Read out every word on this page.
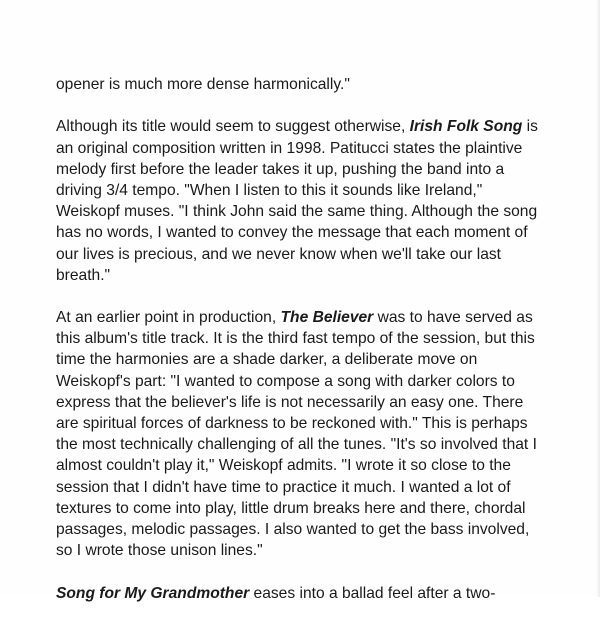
opener is much more dense harmonically."

Although its title would seem to suggest otherwise, Irish Folk Song is
an original composition written in 1998. Patitucci states the plaintive
melody first before the leader takes it up, pushing the band into a
driving 3/4 tempo. "When I listen to this it sounds like Ireland,"
Weiskopf muses. "I think John said the same thing. Although the song
has no words, I wanted to convey the message that each moment of
our lives is precious, and we never know when we'll take our last
breath."

At an earlier point in production, The Believer was to have served as
this album's title track. It is the third fast tempo of the session, but this
time the harmonies are a shade darker, a deliberate move on
Weiskopf's part: "I wanted to compose a song with darker colors to
express that the believer's life is not necessarily an easy one. There
are spiritual forces of darkness to be reckoned with." This is perhaps
the most technically challenging of all the tunes. "It's so involved that I
almost couldn't play it," Weiskopf admits. "I wrote it so close to the
session that I didn't have time to practice it much. I wanted a lot of
textures to come into play, little drum breaks here and there, chordal
passages, melodic passages. I also wanted to get the bass involved,
so I wrote those unison lines."

Song for My Grandmother eases into a ballad feel after a two-
